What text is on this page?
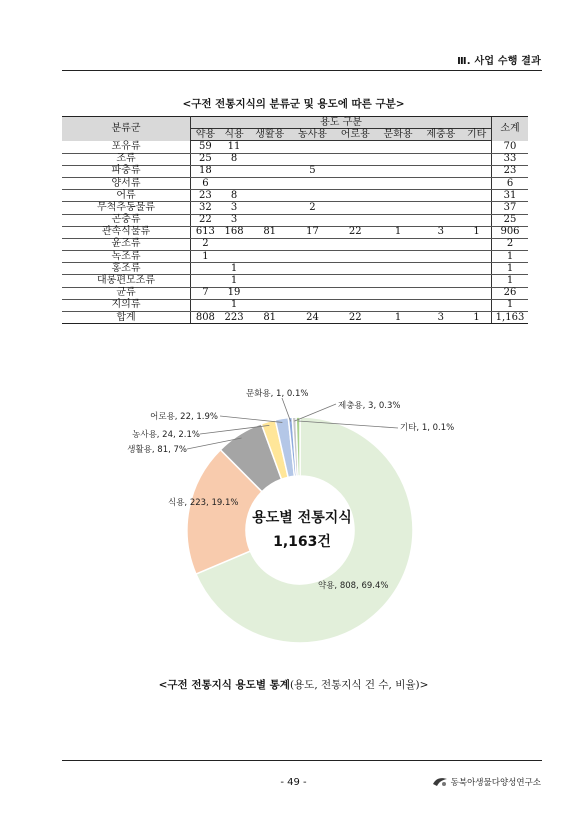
Ⅲ. 사업 수행 결과
<구전 전통지식의 분류군 및 용도에 따른 구분>
분류군	용도 구분								소계
	약용	식용	생활용	농사용	어로용	문화용	제충용	기타	
포유류	59	11							70
조류	25	8							33
파충류	18			5					23
양서류	6								6
어류	23	8							31
무척추동물류	32	3		2					37
곤충류	22	3							25
관속식물류	613	168	81	17	22	1	3	1	906
윤조류	2								2
녹조류	1								1
홍조류		1							1
대롱편모조류		1							1
균류	7	19							26
지의류		1							1
합계	808	223	81	24	22	1	3	1	1,163
약용, 808, 69.4%
식용, 223, 19.1%
생활용, 81, 7%
농사용, 24, 2.1%
어로용, 22, 1.9%
문화용, 1, 0.1%
제충용, 3, 0.3%
기타, 1, 0.1%
용도별 전통지식
1,163건
<구전 전통지식 용도별 통계(용도, 전통지식 건 수, 비율)>
- 49 -	동북아생물다양성연구소
